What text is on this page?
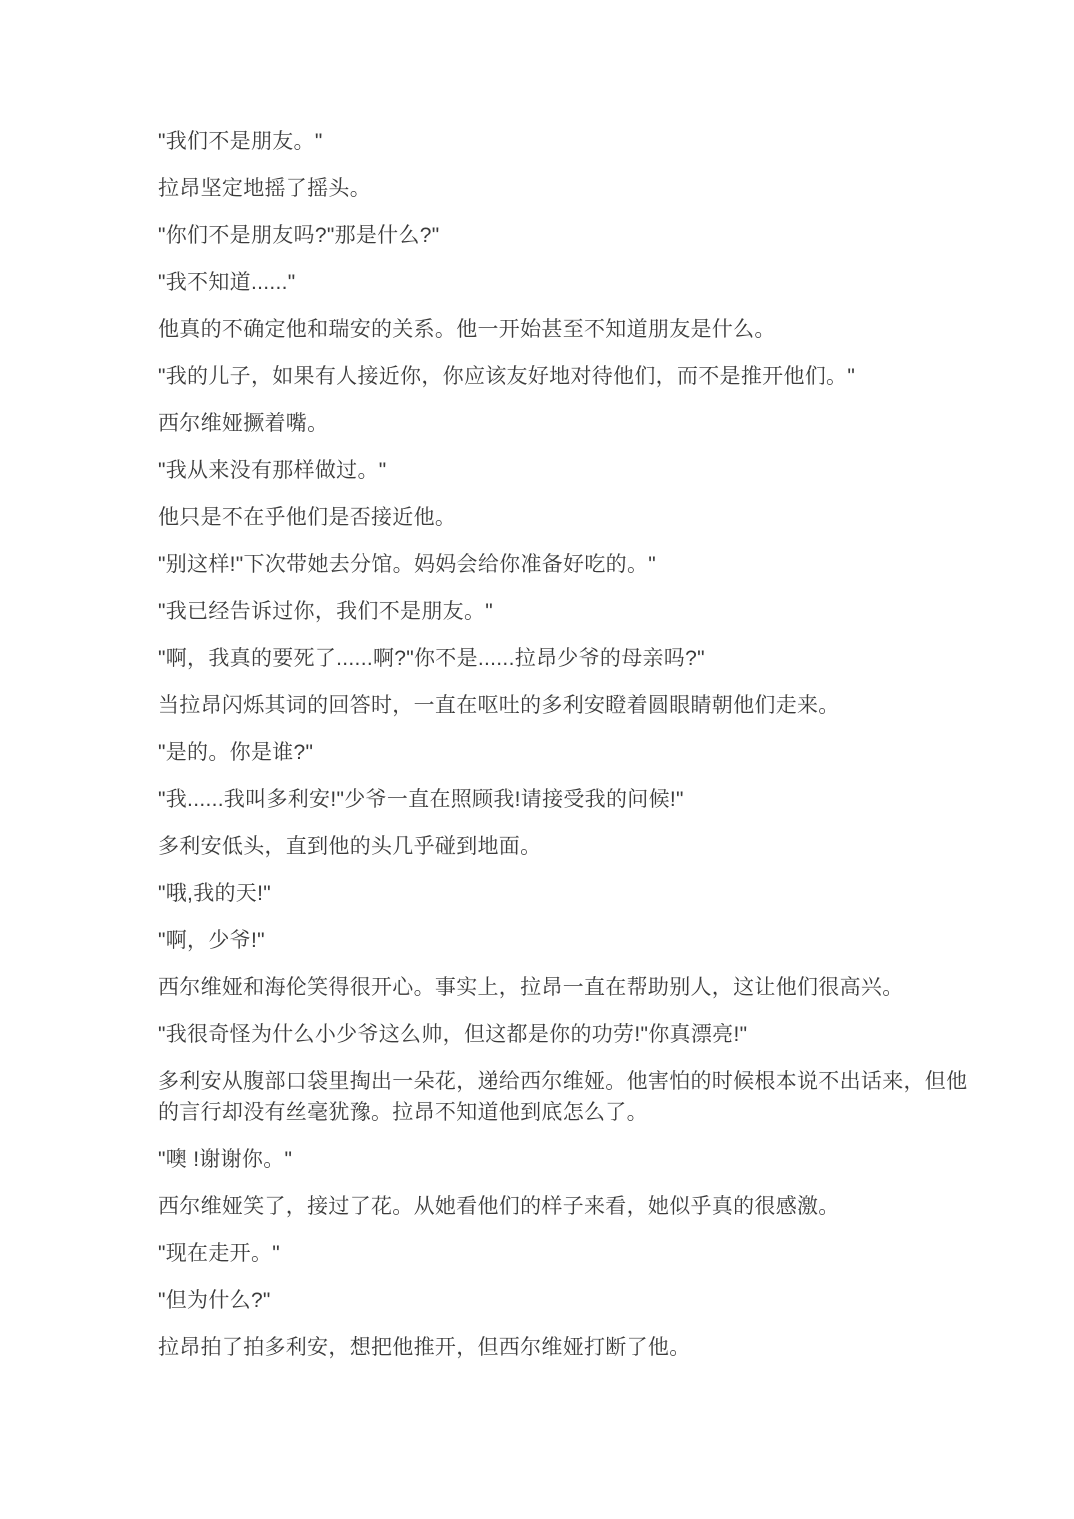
"我们不是朋友。"

拉昂坚定地摇了摇头。

"你们不是朋友吗?"那是什么?"

"我不知道......"

他真的不确定他和瑞安的关系。他一开始甚至不知道朋友是什么。

"我的儿子，如果有人接近你，你应该友好地对待他们，而不是推开他们。"

西尔维娅撅着嘴。

"我从来没有那样做过。"

他只是不在乎他们是否接近他。

"别这样!"下次带她去分馆。妈妈会给你准备好吃的。"

"我已经告诉过你，我们不是朋友。"

"啊，我真的要死了......啊?"你不是......拉昂少爷的母亲吗?"

当拉昂闪烁其词的回答时，一直在呕吐的多利安瞪着圆眼睛朝他们走来。

"是的。你是谁?"

"我......我叫多利安!"少爷一直在照顾我!请接受我的问候!"

多利安低头，直到他的头几乎碰到地面。

"哦,我的天!"

"啊，少爷!"

西尔维娅和海伦笑得很开心。事实上，拉昂一直在帮助别人，这让他们很高兴。

"我很奇怪为什么小少爷这么帅，但这都是你的功劳!"你真漂亮!"

多利安从腹部口袋里掏出一朵花，递给西尔维娅。他害怕的时候根本说不出话来，但他的言行却没有丝毫犹豫。拉昂不知道他到底怎么了。

"噢 !谢谢你。"

西尔维娅笑了，接过了花。从她看他们的样子来看，她似乎真的很感激。

"现在走开。"

"但为什么?"

拉昂拍了拍多利安，想把他推开，但西尔维娅打断了他。
